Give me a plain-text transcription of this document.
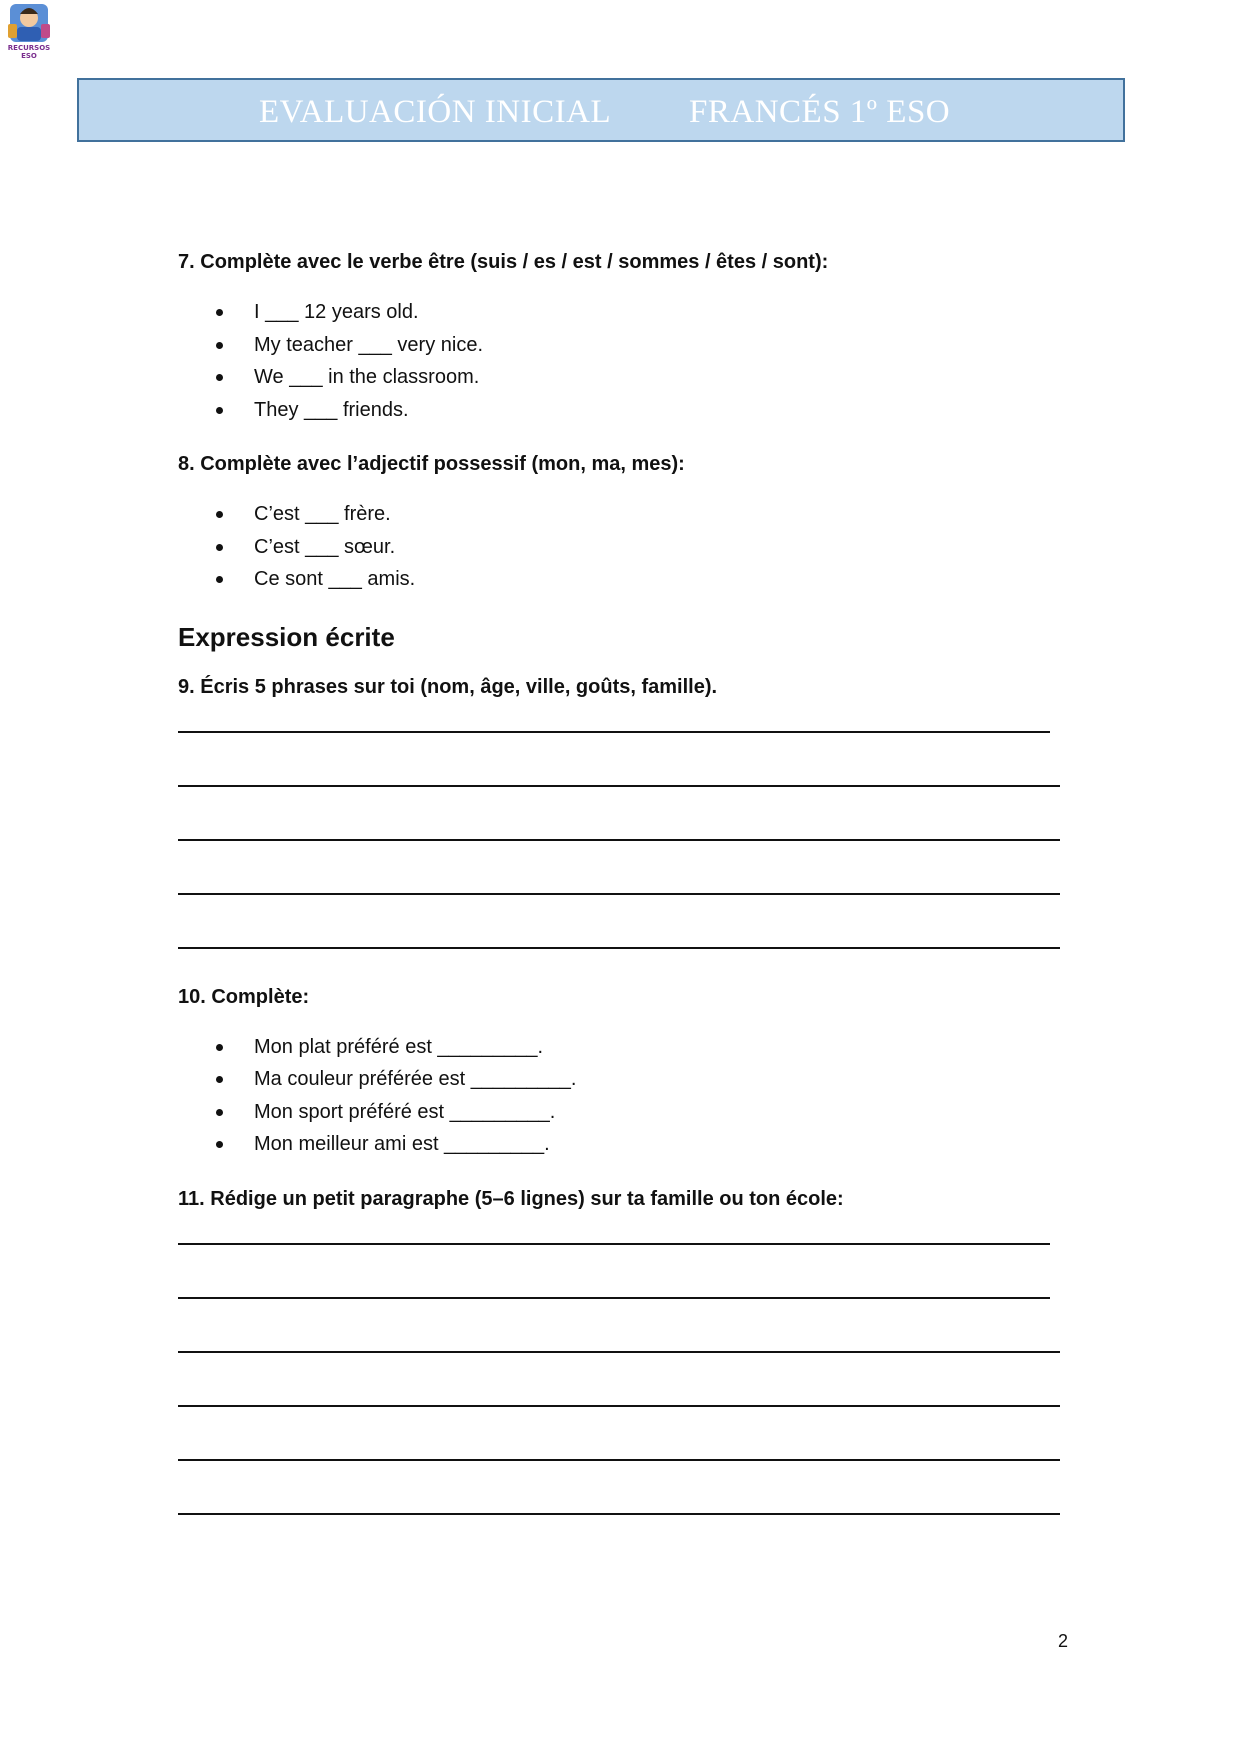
RECURSOS
ESO
EVALUACIÓN INICIAL FRANCÉS 1º ESO
7. Complète avec le verbe être (suis / es / est / sommes / êtes / sont):
I ___ 12 years old.
My teacher ___ very nice.
We ___ in the classroom.
They ___ friends.
8. Complète avec l’adjectif possessif (mon, ma, mes):
C’est ___ frère.
C’est ___ sœur.
Ce sont ___ amis.
Expression écrite
9. Écris 5 phrases sur toi (nom, âge, ville, goûts, famille).
10. Complète:
Mon plat préféré est _________.
Ma couleur préférée est _________.
Mon sport préféré est _________.
Mon meilleur ami est _________.
11. Rédige un petit paragraphe (5–6 lignes) sur ta famille ou ton école:
2
